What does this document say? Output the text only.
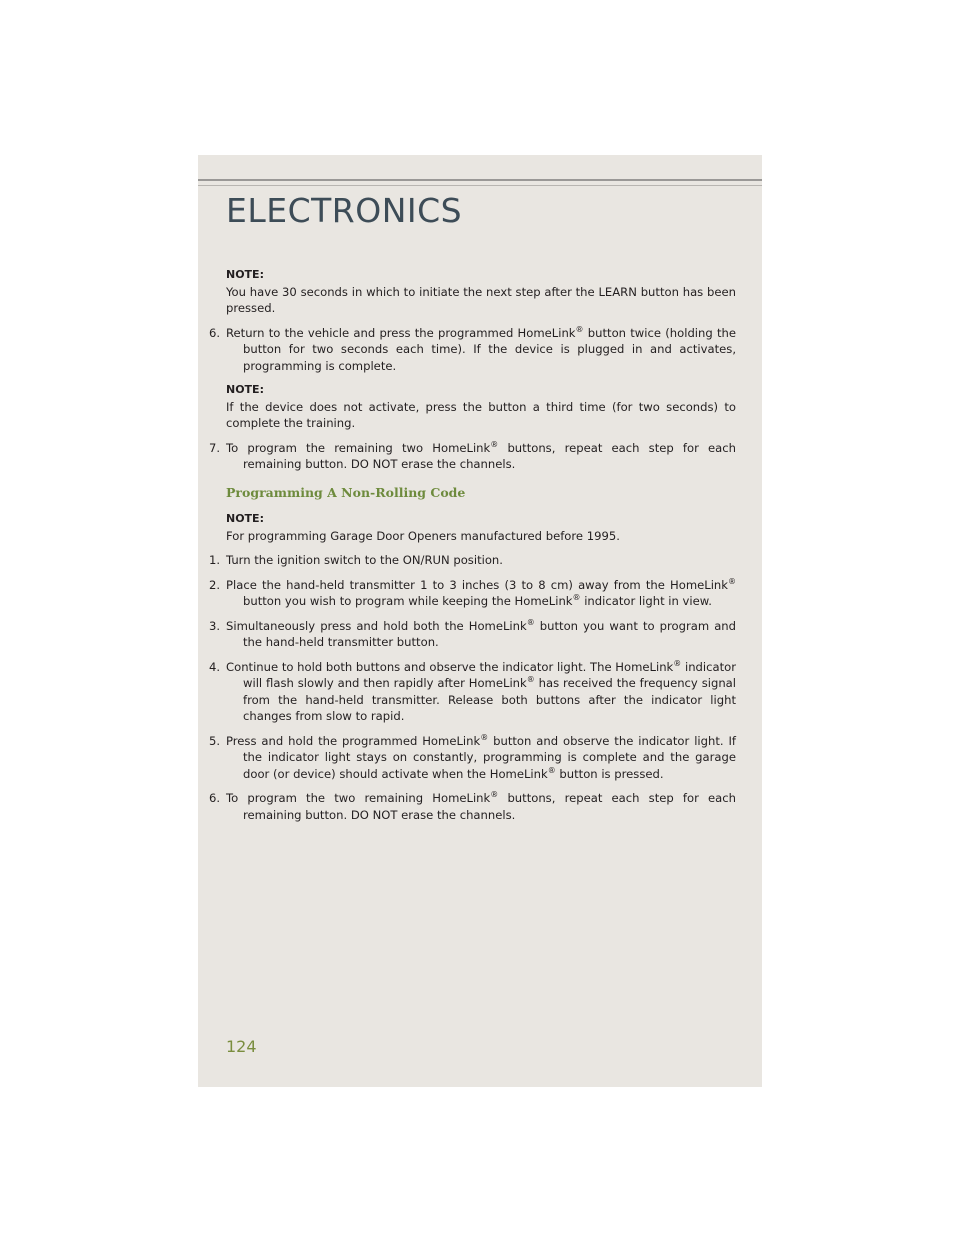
ELECTRONICS

NOTE:

You have 30 seconds in which to initiate the next step after the LEARN button has been pressed.

6. Return to the vehicle and press the programmed HomeLink® button twice (holding the button for two seconds each time). If the device is plugged in and activates, programming is complete.

NOTE:

If the device does not activate, press the button a third time (for two seconds) to complete the training.

7. To program the remaining two HomeLink® buttons, repeat each step for each remaining button. DO NOT erase the channels.

Programming A Non-Rolling Code

NOTE:

For programming Garage Door Openers manufactured before 1995.

1. Turn the ignition switch to the ON/RUN position.

2. Place the hand-held transmitter 1 to 3 inches (3 to 8 cm) away from the HomeLink® button you wish to program while keeping the HomeLink® indicator light in view.

3. Simultaneously press and hold both the HomeLink® button you want to program and the hand-held transmitter button.

4. Continue to hold both buttons and observe the indicator light. The HomeLink® indicator will flash slowly and then rapidly after HomeLink® has received the frequency signal from the hand-held transmitter. Release both buttons after the indicator light changes from slow to rapid.

5. Press and hold the programmed HomeLink® button and observe the indicator light. If the indicator light stays on constantly, programming is complete and the garage door (or device) should activate when the HomeLink® button is pressed.

6. To program the two remaining HomeLink® buttons, repeat each step for each remaining button. DO NOT erase the channels.

124
